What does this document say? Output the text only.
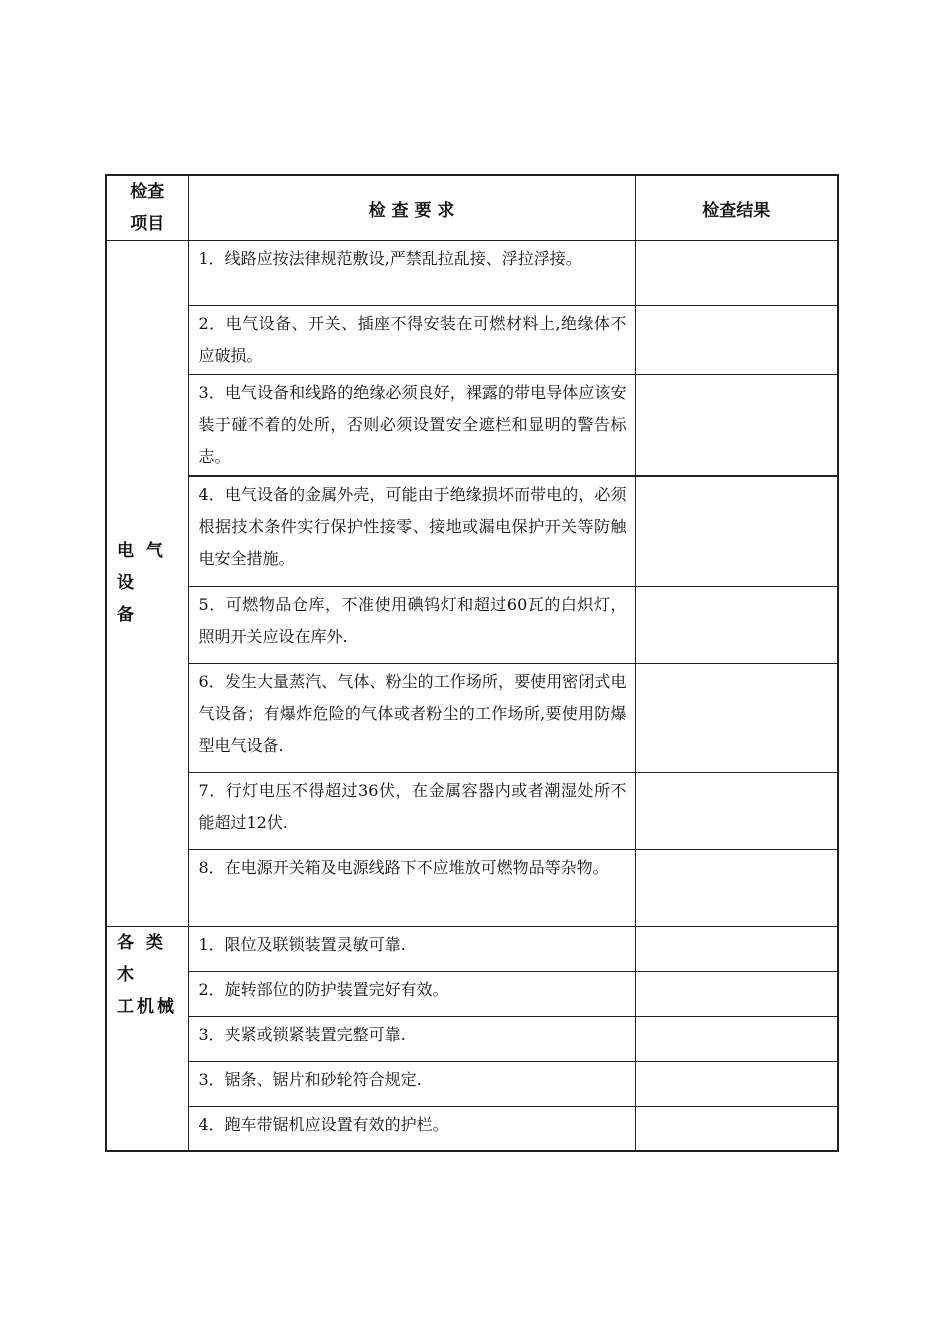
检查
项目	检 查 要 求	检查结果

电 气 设
备	1．线路应按法律规范敷设,严禁乱拉乱接、浮拉浮接。	
	2．电气设备、开关、插座不得安装在可燃材料上,绝缘体不应破损。	
	3．电气设备和线路的绝缘必须良好，裸露的带电导体应该安装于碰不着的处所，否则必须设置安全遮栏和显明的警告标志。	
	4．电气设备的金属外壳，可能由于绝缘损坏而带电的，必须根据技术条件实行保护性接零、接地或漏电保护开关等防触电安全措施。	
	5．可燃物品仓库，不准使用碘钨灯和超过60瓦的白炽灯，照明开关应设在库外.	
	6．发生大量蒸汽、气体、粉尘的工作场所，要使用密闭式电气设备；有爆炸危险的气体或者粉尘的工作场所,要使用防爆型电气设备.	
	7．行灯电压不得超过36伏，在金属容器内或者潮湿处所不能超过12伏.	
	8．在电源开关箱及电源线路下不应堆放可燃物品等杂物。	

各 类 木
工机械	1．限位及联锁装置灵敏可靠.	
	2．旋转部位的防护装置完好有效。	
	3．夹紧或锁紧装置完整可靠.	
	3．锯条、锯片和砂轮符合规定.	
	4．跑车带锯机应设置有效的护栏。	
